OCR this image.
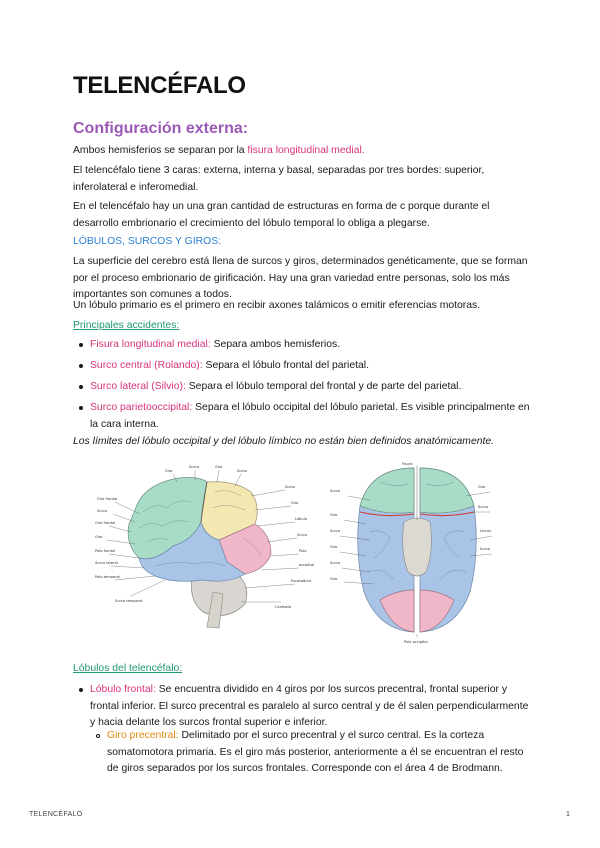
TELENCÉFALO
Configuración externa:

Ambos hemisferios se separan por la fisura longitudinal medial.

El telencéfalo tiene 3 caras: externa, interna y basal, separadas por tres bordes: superior,
inferolateral e inferomedial.

En el telencéfalo hay un una gran cantidad de estructuras en forma de c porque durante el
desarrollo embrionario el crecimiento del lóbulo temporal lo obliga a plegarse.

LÓBULOS, SURCOS Y GIROS:

La superficie del cerebro está llena de surcos y giros, determinados genéticamente, que se forman
por el proceso embrionario de girificación. Hay una gran variedad entre personas, solo los más
importantes son comunes a todos.

Un lóbulo primario es el primero en recibir axones talámicos o emitir eferencias motoras.

Principales accidentes:

Fisura longitudinal medial: Separa ambos hemisferios.

Surco central (Rolando): Separa el lóbulo frontal del parietal.

Surco lateral (Silvio): Separa el lóbulo temporal del frontal y de parte del parietal.

Surco parietooccipital: Separa el lóbulo occipital del lóbulo parietal. Es visible principalmente en
la cara interna.

Los límites del lóbulo occipital y del lóbulo límbico no están bien definidos anatómicamente.

Giro frontal
Surco
Giro frontal
Giro
Polo frontal
Surco lateral
Polo temporal
Surco temporal
Surco
Giro
Lóbulo
Surco
Polo
occipital
Escotadura
Cerebelo
Giro
Surco	Giro
Surco
Surco
Giro
Surco
Giro
Surco
Giro
Giro
Surco
Uncus
Surco
Fisura
Polo occipital

Lóbulos del telencéfalo:

Lóbulo frontal: Se encuentra dividido en 4 giros por los surcos precentral, frontal superior y
frontal inferior. El surco precentral es paralelo al surco central y de él salen perpendicularmente
y hacia delante los surcos frontal superior e inferior.

Giro precentral: Delimitado por el surco precentral y el surco central. Es la corteza
somatomotora primaria. Es el giro más posterior, anteriormente a él se encuentran el resto
de giros separados por los surcos frontales. Corresponde con el área 4 de Brodmann.

TELENCÉFALO	1
